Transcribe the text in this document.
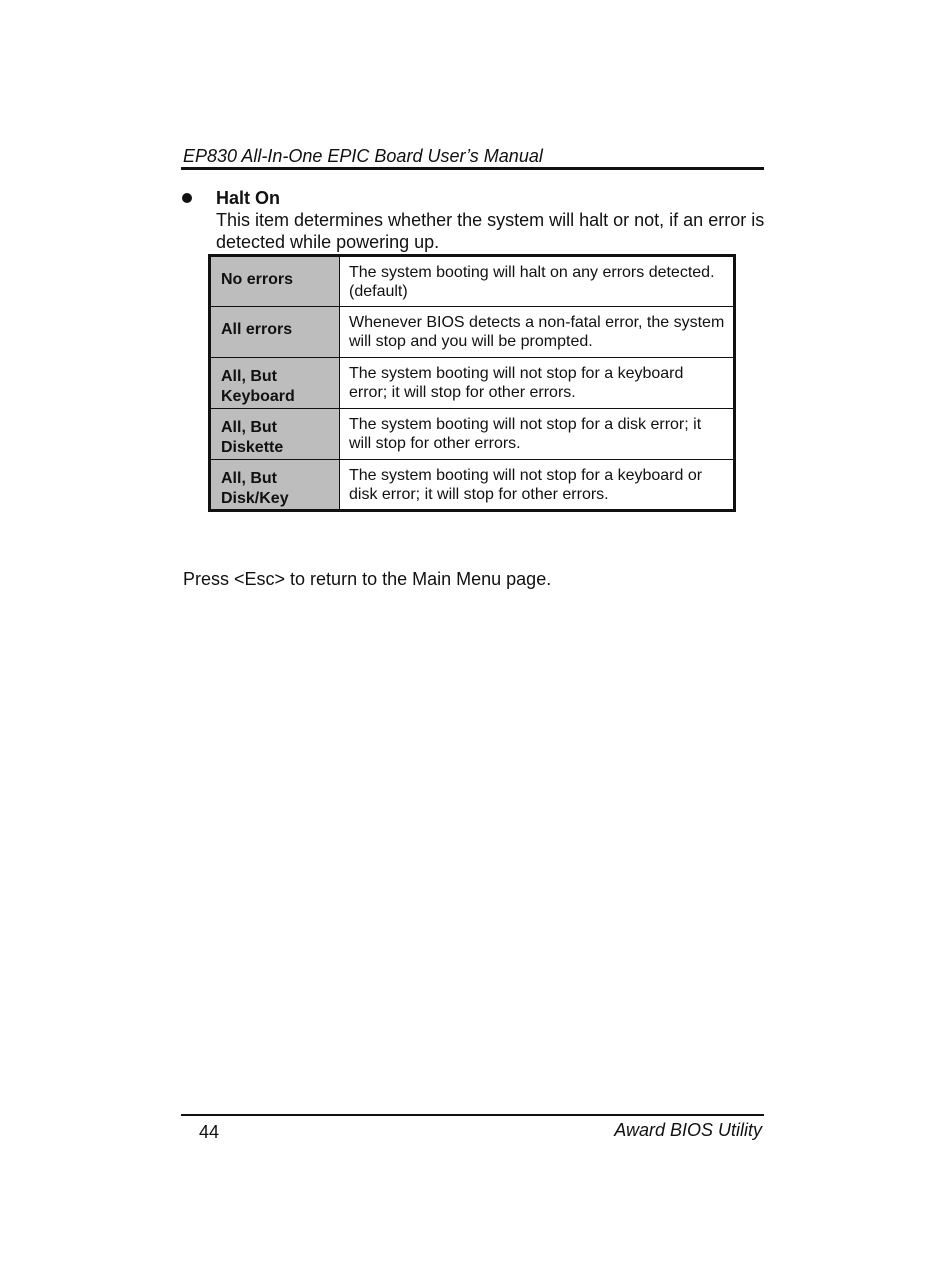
EP830 All-In-One EPIC Board User’s Manual
Halt On
This item determines whether the system will halt or not, if an error is detected while powering up.
No errors	The system booting will halt on any errors detected. (default)
All errors	Whenever BIOS detects a non-fatal error, the system will stop and you will be prompted.
All, But Keyboard	The system booting will not stop for a keyboard error; it will stop for other errors.
All, But Diskette	The system booting will not stop for a disk error; it will stop for other errors.
All, But Disk/Key	The system booting will not stop for a keyboard or disk error; it will stop for other errors.
Press <Esc> to return to the Main Menu page.
44	Award BIOS Utility
